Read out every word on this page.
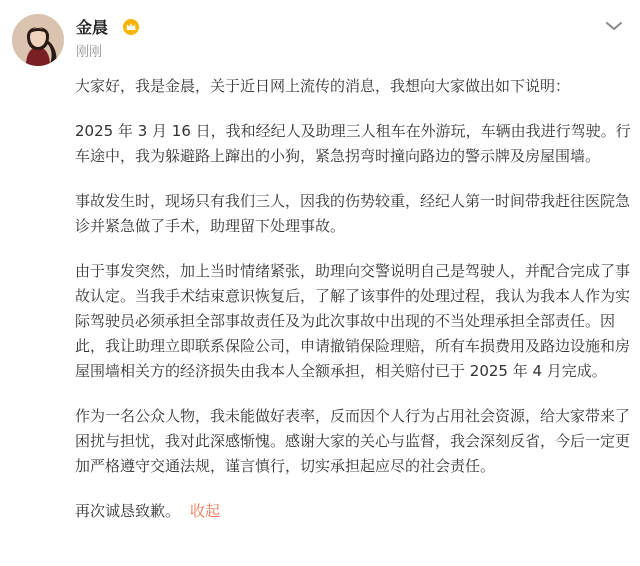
金晨
刚刚

大家好，我是金晨，关于近日网上流传的消息，我想向大家做出如下说明：

2025 年 3 月 16 日，我和经纪人及助理三人租车在外游玩，车辆由我进行驾驶。行车途中，我为躲避路上蹿出的小狗，紧急拐弯时撞向路边的警示牌及房屋围墙。

事故发生时，现场只有我们三人，因我的伤势较重，经纪人第一时间带我赶往医院急诊并紧急做了手术，助理留下处理事故。

由于事发突然，加上当时情绪紧张，助理向交警说明自己是驾驶人，并配合完成了事故认定。当我手术结束意识恢复后，了解了该事件的处理过程，我认为我本人作为实际驾驶员必须承担全部事故责任及为此次事故中出现的不当处理承担全部责任。因此，我让助理立即联系保险公司，申请撤销保险理赔，所有车损费用及路边设施和房屋围墙相关方的经济损失由我本人全额承担，相关赔付已于 2025 年 4 月完成。

作为一名公众人物，我未能做好表率，反而因个人行为占用社会资源，给大家带来了困扰与担忧，我对此深感惭愧。感谢大家的关心与监督，我会深刻反省，今后一定更加严格遵守交通法规，谨言慎行，切实承担起应尽的社会责任。

再次诚恳致歉。 收起
